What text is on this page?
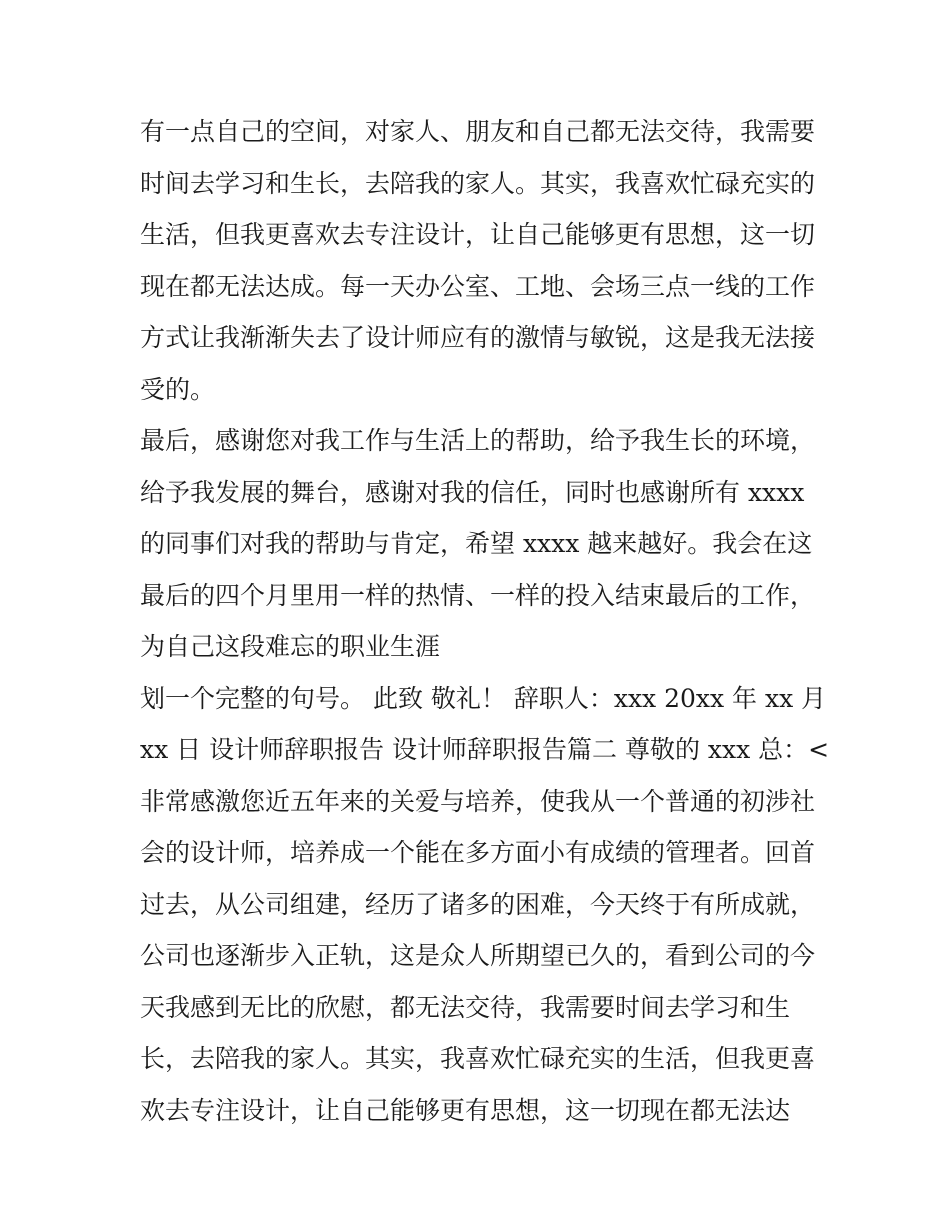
有一点自己的空间，对家人、朋友和自己都无法交待，我需要
时间去学习和生长，去陪我的家人。其实，我喜欢忙碌充实的
生活，但我更喜欢去专注设计，让自己能够更有思想，这一切
现在都无法达成。每一天办公室、工地、会场三点一线的工作
方式让我渐渐失去了设计师应有的激情与敏锐，这是我无法接
受的。
最后，感谢您对我工作与生活上的帮助，给予我生长的环境，
给予我发展的舞台，感谢对我的信任，同时也感谢所有 xxxx
的同事们对我的帮助与肯定，希望 xxxx 越来越好。我会在这
最后的四个月里用一样的热情、一样的投入结束最后的工作，
为自己这段难忘的职业生涯
划一个完整的句号。 此致 敬礼！ 辞职人：xxx 20xx 年 xx 月
xx 日 设计师辞职报告 设计师辞职报告篇二 尊敬的 xxx 总：<
非常感激您近五年来的关爱与培养，使我从一个普通的初涉社
会的设计师，培养成一个能在多方面小有成绩的管理者。回首
过去，从公司组建，经历了诸多的困难，今天终于有所成就，
公司也逐渐步入正轨，这是众人所期望已久的，看到公司的今
天我感到无比的欣慰，都无法交待，我需要时间去学习和生
长，去陪我的家人。其实，我喜欢忙碌充实的生活，但我更喜
欢去专注设计，让自己能够更有思想，这一切现在都无法达
